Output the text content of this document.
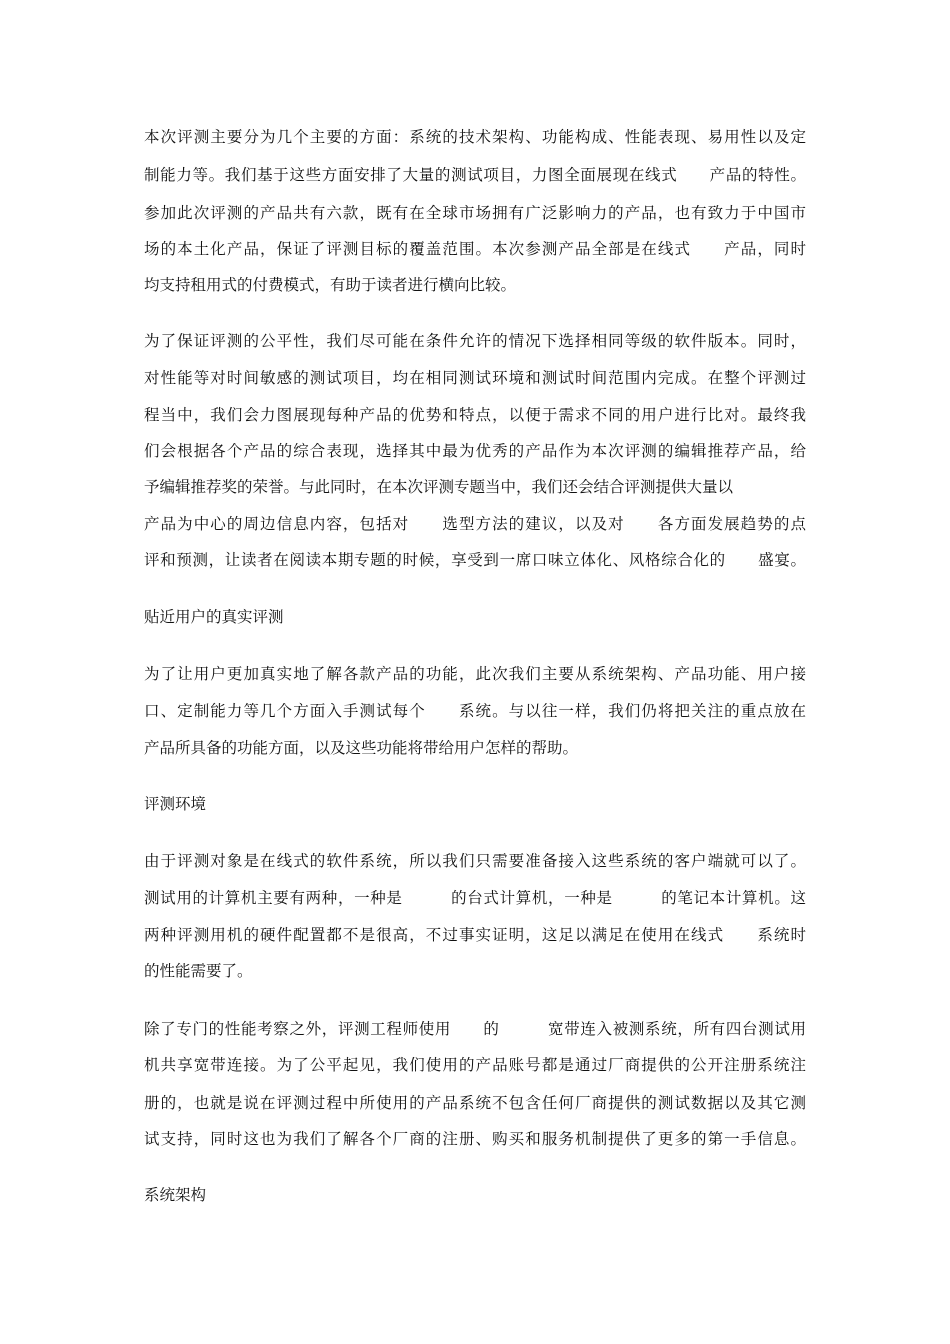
本次评测主要分为几个主要的方面：系统的技术架构、功能构成、性能表现、易用性以及定
制能力等。我们基于这些方面安排了大量的测试项目，力图全面展现在线式　　产品的特性。
参加此次评测的产品共有六款，既有在全球市场拥有广泛影响力的产品，也有致力于中国市
场的本土化产品，保证了评测目标的覆盖范围。本次参测产品全部是在线式　　产品，同时
均支持租用式的付费模式，有助于读者进行横向比较。
为了保证评测的公平性，我们尽可能在条件允许的情况下选择相同等级的软件版本。同时，
对性能等对时间敏感的测试项目，均在相同测试环境和测试时间范围内完成。在整个评测过
程当中，我们会力图展现每种产品的优势和特点，以便于需求不同的用户进行比对。最终我
们会根据各个产品的综合表现，选择其中最为优秀的产品作为本次评测的编辑推荐产品，给
予编辑推荐奖的荣誉。与此同时，在本次评测专题当中，我们还会结合评测提供大量以
产品为中心的周边信息内容，包括对　　选型方法的建议，以及对　　各方面发展趋势的点
评和预测，让读者在阅读本期专题的时候，享受到一席口味立体化、风格综合化的　　盛宴。
贴近用户的真实评测
为了让用户更加真实地了解各款产品的功能，此次我们主要从系统架构、产品功能、用户接
口、定制能力等几个方面入手测试每个　　系统。与以往一样，我们仍将把关注的重点放在
产品所具备的功能方面，以及这些功能将带给用户怎样的帮助。
评测环境
由于评测对象是在线式的软件系统，所以我们只需要准备接入这些系统的客户端就可以了。
测试用的计算机主要有两种，一种是　　　的台式计算机，一种是　　　的笔记本计算机。这
两种评测用机的硬件配置都不是很高，不过事实证明，这足以满足在使用在线式　　系统时
的性能需要了。
除了专门的性能考察之外，评测工程师使用　　的　　　宽带连入被测系统，所有四台测试用
机共享宽带连接。为了公平起见，我们使用的产品账号都是通过厂商提供的公开注册系统注
册的，也就是说在评测过程中所使用的产品系统不包含任何厂商提供的测试数据以及其它测
试支持，同时这也为我们了解各个厂商的注册、购买和服务机制提供了更多的第一手信息。
系统架构
